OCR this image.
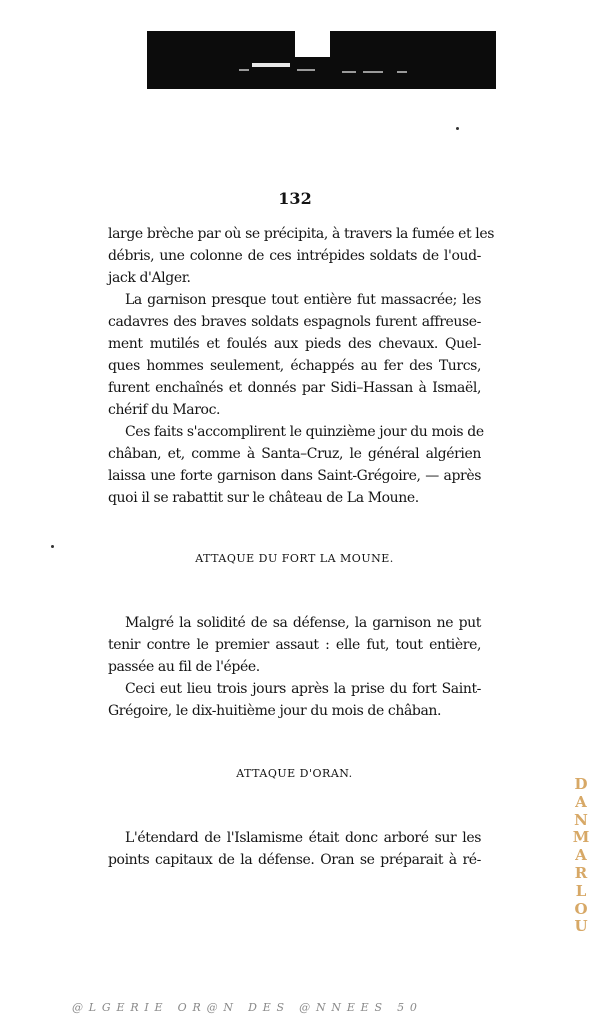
132

large brèche par où se précipita, à travers la fumée et les

débris, une colonne de ces intrépides soldats de l'oud-

jack d'Alger.

La garnison presque tout entière fut massacrée; les

cadavres des braves soldats espagnols furent affreuse-

ment mutilés et foulés aux pieds des chevaux. Quel-

ques hommes seulement, échappés au fer des Turcs,

furent enchaînés et donnés par Sidi–Hassan à Ismaël,

chérif du Maroc.

Ces faits s'accomplirent le quinzième jour du mois de

châban, et, comme à Santa–Cruz, le général algérien

laissa une forte garnison dans Saint-Grégoire, — après

quoi il se rabattit sur le château de La Moune.

ATTAQUE DU FORT LA MOUNE.

Malgré la solidité de sa défense, la garnison ne put

tenir contre le premier assaut : elle fut, tout entière,

passée au fil de l'épée.

Ceci eut lieu trois jours après la prise du fort Saint-

Grégoire, le dix-huitième jour du mois de châban.

ATTAQUE D'ORAN.

L'étendard de l'Islamisme était donc arboré sur les

points capitaux de la défense. Oran se préparait à ré-

DANMARLOU

@LGERIE OR@N DES @NNEES 50
